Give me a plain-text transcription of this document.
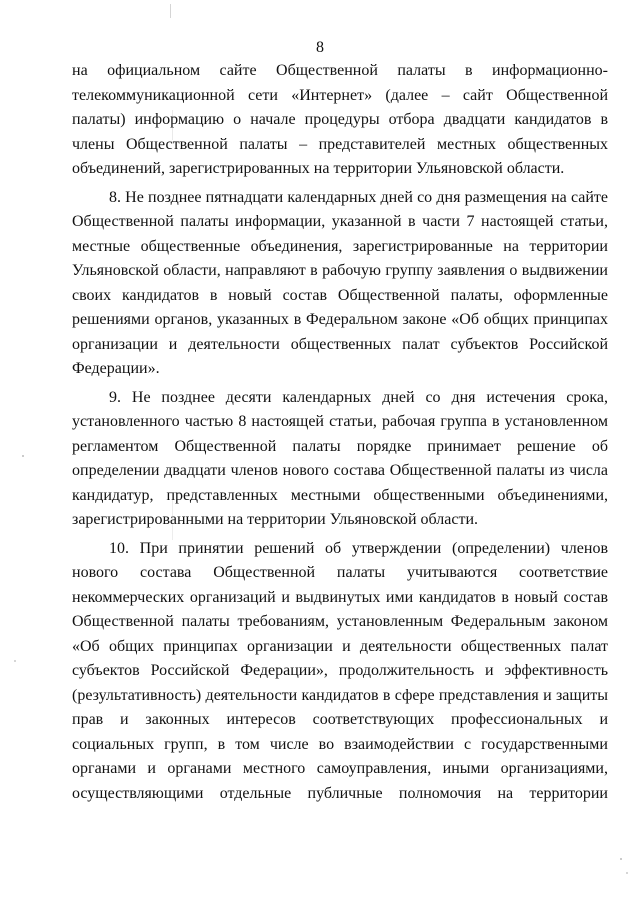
8

на официальном сайте Общественной палаты в информационно-телекоммуникационной сети «Интернет» (далее – сайт Общественной палаты) информацию о начале процедуры отбора двадцати кандидатов в члены Общественной палаты – представителей местных общественных объединений, зарегистрированных на территории Ульяновской области.

8. Не позднее пятнадцати календарных дней со дня размещения на сайте Общественной палаты информации, указанной в части 7 настоящей статьи, местные общественные объединения, зарегистрированные на территории Ульяновской области, направляют в рабочую группу заявления о выдвижении своих кандидатов в новый состав Общественной палаты, оформленные решениями органов, указанных в Федеральном законе «Об общих принципах организации и деятельности общественных палат субъектов Российской Федерации».

9. Не позднее десяти календарных дней со дня истечения срока, установленного частью 8 настоящей статьи, рабочая группа в установленном регламентом Общественной палаты порядке принимает решение об определении двадцати членов нового состава Общественной палаты из числа кандидатур, представленных местными общественными объединениями, зарегистрированными на территории Ульяновской области.

10. При принятии решений об утверждении (определении) членов нового состава Общественной палаты учитываются соответствие некоммерческих организаций и выдвинутых ими кандидатов в новый состав Общественной палаты требованиям, установленным Федеральным законом «Об общих принципах организации и деятельности общественных палат субъектов Российской Федерации», продолжительность и эффективность (результативность) деятельности кандидатов в сфере представления и защиты прав и законных интересов соответствующих профессиональных и социальных групп, в том числе во взаимодействии с государственными органами и органами местного самоуправления, иными организациями, осуществляющими отдельные публичные полномочия на территории
